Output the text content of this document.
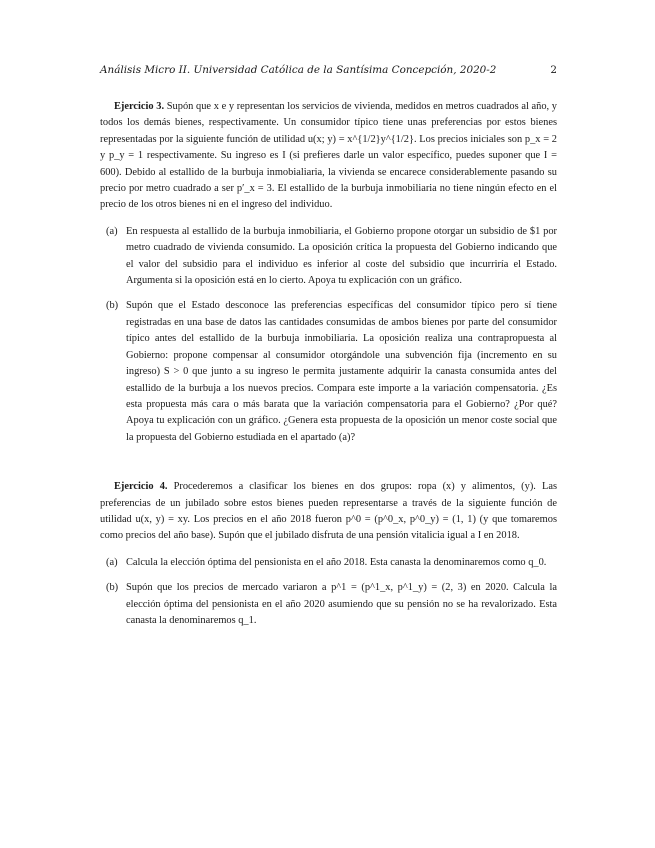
Análisis Micro II. Universidad Católica de la Santísima Concepción, 2020-2	2

Ejercicio 3. Supón que x e y representan los servicios de vivienda, medidos en metros cuadrados al año, y todos los demás bienes, respectivamente. Un consumidor típico tiene unas preferencias por estos bienes representadas por la siguiente función de utilidad u(x; y) = x^{1/2}y^{1/2}. Los precios iniciales son p_x = 2 y p_y = 1 respectivamente. Su ingreso es I (si prefieres darle un valor específico, puedes suponer que I = 600). Debido al estallido de la burbuja inmobialiaria, la vivienda se encarece considerablemente pasando su precio por metro cuadrado a ser p′_x = 3. El estallido de la burbuja inmobiliaria no tiene ningún efecto en el precio de los otros bienes ni en el ingreso del individuo.

(a) En respuesta al estallido de la burbuja inmobiliaria, el Gobierno propone otorgar un subsidio de $1 por metro cuadrado de vivienda consumido. La oposición crítica la propuesta del Gobierno indicando que el valor del subsidio para el individuo es inferior al coste del subsidio que incurriría el Estado. Argumenta si la oposición está en lo cierto. Apoya tu explicación con un gráfico.
(b) Supón que el Estado desconoce las preferencias específicas del consumidor típico pero sí tiene registradas en una base de datos las cantidades consumidas de ambos bienes por parte del consumidor típico antes del estallido de la burbuja inmobiliaria. La oposición realiza una contrapropuesta al Gobierno: propone compensar al consumidor otorgándole una subvención fija (incremento en su ingreso) S > 0 que junto a su ingreso le permita justamente adquirir la canasta consumida antes del estallido de la burbuja a los nuevos precios. Compara este importe a la variación compensatoria. ¿Es esta propuesta más cara o más barata que la variación compensatoria para el Gobierno? ¿Por qué? Apoya tu explicación con un gráfico. ¿Genera esta propuesta de la oposición un menor coste social que la propuesta del Gobierno estudiada en el apartado (a)?

Ejercicio 4. Procederemos a clasificar los bienes en dos grupos: ropa (x) y alimentos, (y). Las preferencias de un jubilado sobre estos bienes pueden representarse a través de la siguiente función de utilidad u(x, y) = xy. Los precios en el año 2018 fueron p^0 = (p^0_x, p^0_y) = (1, 1) (y que tomaremos como precios del año base). Supón que el jubilado disfruta de una pensión vitalicia igual a I en 2018.

(a) Calcula la elección óptima del pensionista en el año 2018. Esta canasta la denominaremos como q_0.
(b) Supón que los precios de mercado variaron a p^1 = (p^1_x, p^1_y) = (2, 3) en 2020. Calcula la elección óptima del pensionista en el año 2020 asumiendo que su pensión no se ha revalorizado. Esta canasta la denominaremos q_1.
